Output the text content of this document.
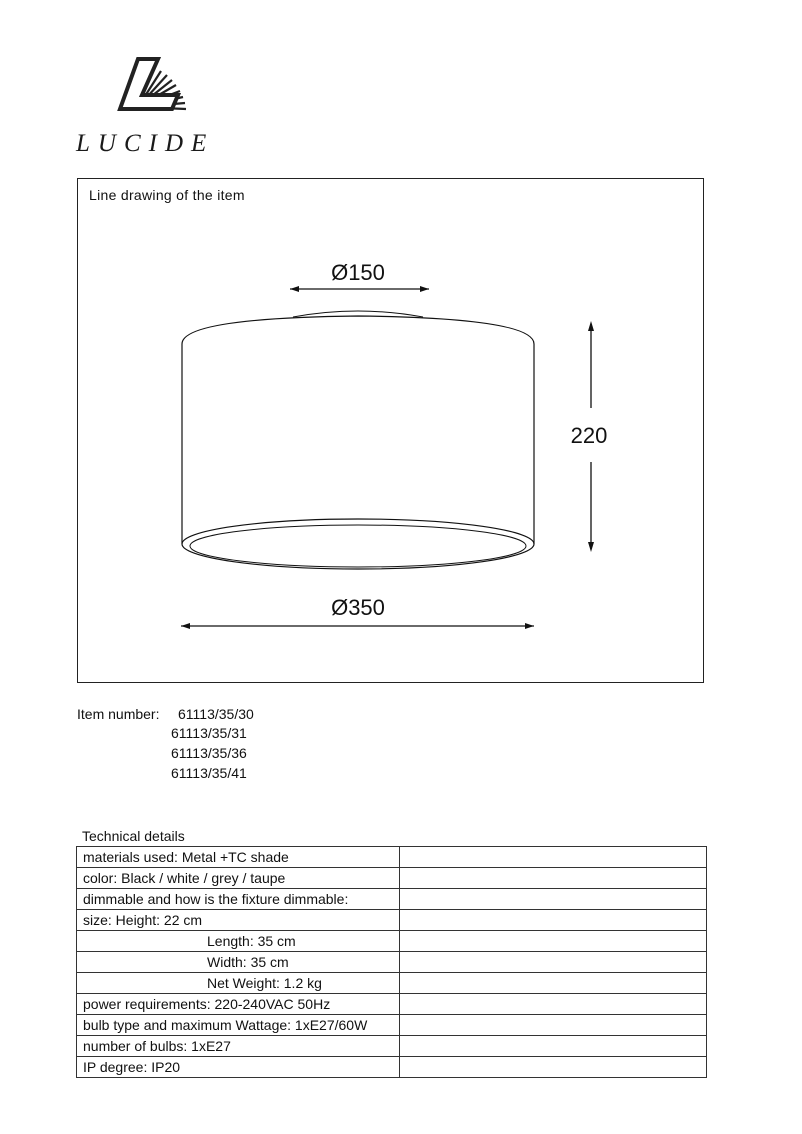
LUCIDE
Line drawing of the item
Ø150
220
Ø350
Item number: 61113/35/30
61113/35/31
61113/35/36
61113/35/41
Technical details
materials used: Metal +TC shade	
color: Black / white / grey / taupe	
dimmable and how is the fixture dimmable:	
size: Height: 22 cm	
Length: 35 cm	
Width: 35 cm	
Net Weight: 1.2 kg	
power requirements: 220-240VAC 50Hz	
bulb type and maximum Wattage: 1xE27/60W	
number of bulbs: 1xE27	
IP degree: IP20	
